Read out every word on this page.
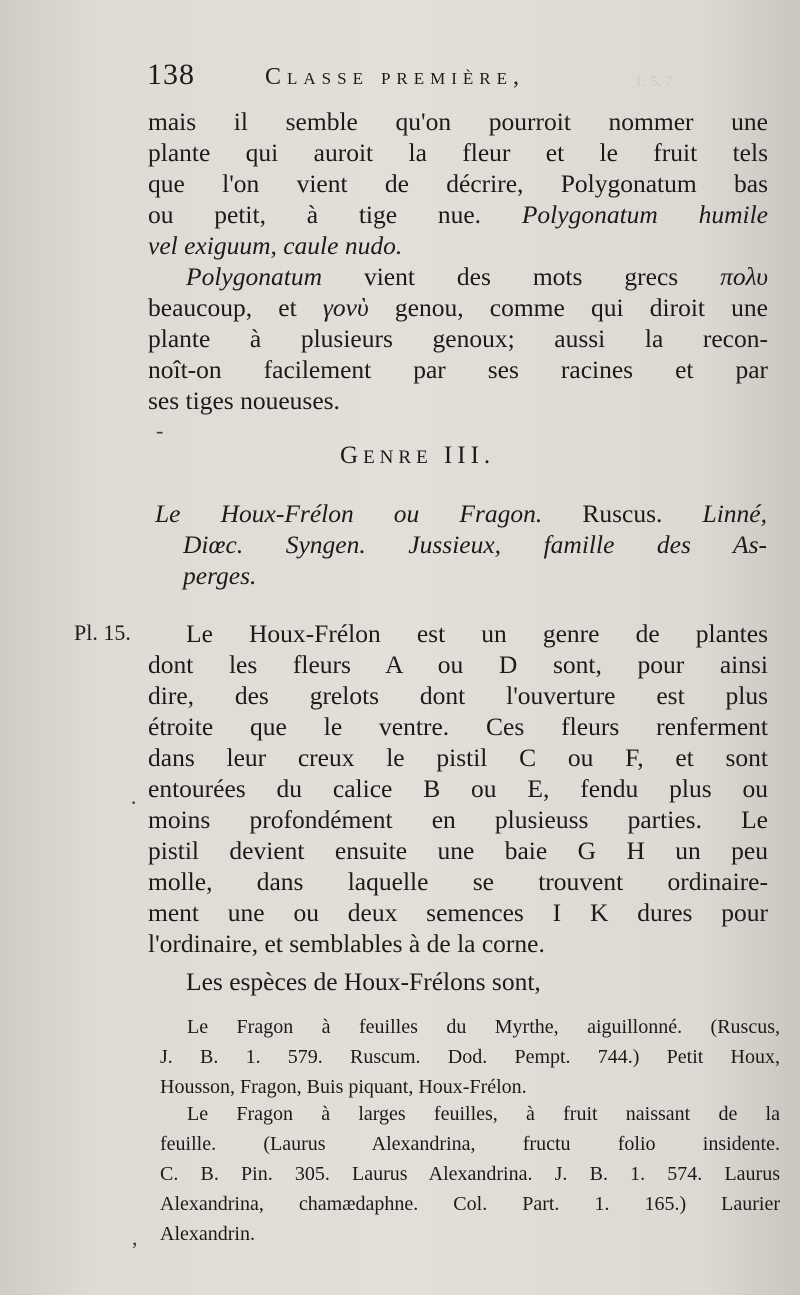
1. 5. 7
138	Classe première,
mais il semble qu'on pourroit nommer une
plante qui auroit la fleur et le fruit tels
que l'on vient de décrire, Polygonatum bas
ou petit, à tige nue. Polygonatum humile
vel exiguum, caule nudo.
Polygonatum vient des mots grecs πολυ
beaucoup, et γονὺ genou, comme qui diroit une
plante à plusieurs genoux; aussi la recon-
noît-on facilement par ses racines et par
ses tiges noueuses.
GENRE III.
Le Houx-Frélon ou Fragon. Ruscus. Linné,
Diœc. Syngen. Jussieux, famille des As-
perges.
Pl. 15.	Le Houx-Frélon est un genre de plantes
dont les fleurs A ou D sont, pour ainsi
dire, des grelots dont l'ouverture est plus
étroite que le ventre. Ces fleurs renferment
dans leur creux le pistil C ou F, et sont
entourées du calice B ou E, fendu plus ou
moins profondément en plusieuss parties. Le
pistil devient ensuite une baie G H un peu
molle, dans laquelle se trouvent ordinaire-
ment une ou deux semences I K dures pour
l'ordinaire, et semblables à de la corne.
Les espèces de Houx-Frélons sont,
Le Fragon à feuilles du Myrthe, aiguillonné. (Ruscus,
J. B. 1. 579. Ruscum. Dod. Pempt. 744.) Petit Houx,
Housson, Fragon, Buis piquant, Houx-Frélon.
Le Fragon à larges feuilles, à fruit naissant de la
feuille. (Laurus Alexandrina, fructu folio insidente.
C. B. Pin. 305. Laurus Alexandrina. J. B. 1. 574. Laurus
Alexandrina, chamædaphne. Col. Part. 1. 165.) Laurier
Alexandrin.
-
·
,
